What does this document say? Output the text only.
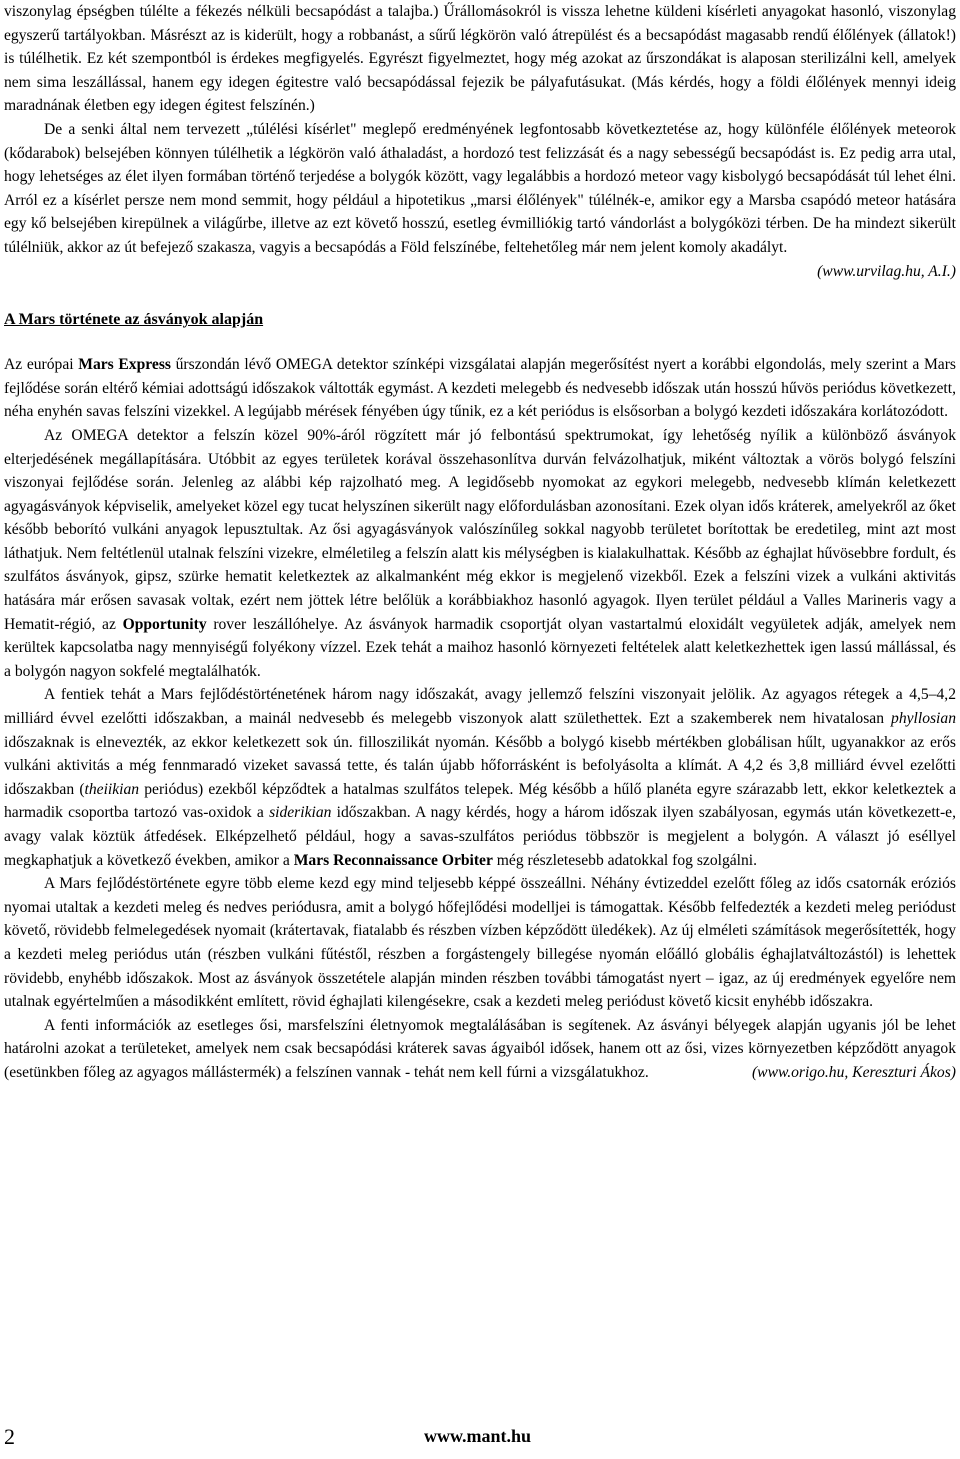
viszonylag épségben túlélte a fékezés nélküli becsapódást a talajba.) Űrállomásokról is vissza lehetne küldeni kísérleti anyagokat hasonló, viszonylag egyszerű tartályokban. Másrészt az is kiderült, hogy a robbanást, a sűrű légkörön való átrepülést és a becsapódást magasabb rendű élőlények (állatok!) is túlélhetik. Ez két szempontból is érdekes megfigyelés. Egyrészt figyelmeztet, hogy még azokat az űrszondákat is alaposan sterilizálni kell, amelyek nem sima leszállással, hanem egy idegen égitestre való becsapódással fejezik be pályafutásukat. (Más kérdés, hogy a földi élőlények mennyi ideig maradnának életben egy idegen égitest felszínén.)

De a senki által nem tervezett „túlélési kísérlet" meglepő eredményének legfontosabb következtetése az, hogy különféle élőlények meteorok (kődarabok) belsejében könnyen túlélhetik a légkörön való áthaladást, a hordozó test felizzását és a nagy sebességű becsapódást is. Ez pedig arra utal, hogy lehetséges az élet ilyen formában történő terjedése a bolygók között, vagy legalábbis a hordozó meteor vagy kisbolygó becsapódását túl lehet élni. Arról ez a kísérlet persze nem mond semmit, hogy például a hipotetikus „marsi élőlények" túlélnék-e, amikor egy a Marsba csapódó meteor hatására egy kő belsejében kirepülnek a világűrbe, illetve az ezt követő hosszú, esetleg évmilliókig tartó vándorlást a bolygóközi térben. De ha mindezt sikerült túlélniük, akkor az út befejező szakasza, vagyis a becsapódás a Föld felszínébe, feltehetőleg már nem jelent komoly akadályt.
(www.urvilag.hu, A.I.)

A Mars története az ásványok alapján

Az európai Mars Express űrszondán lévő OMEGA detektor színképi vizsgálatai alapján megerősítést nyert a korábbi elgondolás, mely szerint a Mars fejlődése során eltérő kémiai adottságú időszakok váltották egymást. A kezdeti melegebb és nedvesebb időszak után hosszú hűvös periódus következett, néha enyhén savas felszíni vizekkel. A legújabb mérések fényében úgy tűnik, ez a két periódus is elsősorban a bolygó kezdeti időszakára korlátozódott.

Az OMEGA detektor a felszín közel 90%-áról rögzített már jó felbontású spektrumokat, így lehetőség nyílik a különböző ásványok elterjedésének megállapítására. Utóbbit az egyes területek korával összehasonlítva durván felvázolhatjuk, miként változtak a vörös bolygó felszíni viszonyai fejlődése során. Jelenleg az alábbi kép rajzolható meg. A legidősebb nyomokat az egykori melegebb, nedvesebb klímán keletkezett agyagásványok képviselik, amelyeket közel egy tucat helyszínen sikerült nagy előfordulásban azonosítani. Ezek olyan idős kráterek, amelyekről az őket később beborító vulkáni anyagok lepusztultak. Az ősi agyagásványok valószínűleg sokkal nagyobb területet borítottak be eredetileg, mint azt most láthatjuk. Nem feltétlenül utalnak felszíni vizekre, elméletileg a felszín alatt kis mélységben is kialakulhattak. Később az éghajlat hűvösebbre fordult, és szulfátos ásványok, gipsz, szürke hematit keletkeztek az alkalmanként még ekkor is megjelenő vizekből. Ezek a felszíni vizek a vulkáni aktivitás hatására már erősen savasak voltak, ezért nem jöttek létre belőlük a korábbiakhoz hasonló agyagok. Ilyen terület például a Valles Marineris vagy a Hematit-régió, az Opportunity rover leszállóhelye. Az ásványok harmadik csoportját olyan vastartalmú eloxidált vegyületek adják, amelyek nem kerültek kapcsolatba nagy mennyiségű folyékony vízzel. Ezek tehát a maihoz hasonló környezeti feltételek alatt keletkezhettek igen lassú mállással, és a bolygón nagyon sokfelé megtalálhatók.

A fentiek tehát a Mars fejlődéstörténetének három nagy időszakát, avagy jellemző felszíni viszonyait jelölik. Az agyagos rétegek a 4,5–4,2 milliárd évvel ezelőtti időszakban, a mainál nedvesebb és melegebb viszonyok alatt születhettek. Ezt a szakemberek nem hivatalosan phyllosian időszaknak is elnevezték, az ekkor keletkezett sok ún. filloszilikát nyomán. Később a bolygó kisebb mértékben globálisan hűlt, ugyanakkor az erős vulkáni aktivitás a még fennmaradó vizeket savassá tette, és talán újabb hőforrásként is befolyásolta a klímát. A 4,2 és 3,8 milliárd évvel ezelőtti időszakban (theiikian periódus) ezekből képződtek a hatalmas szulfátos telepek. Még később a hűlő planéta egyre szárazabb lett, ekkor keletkeztek a harmadik csoportba tartozó vas-oxidok a siderikian időszakban. A nagy kérdés, hogy a három időszak ilyen szabályosan, egymás után következett-e, avagy valak köztük átfedések. Elképzelhető például, hogy a savas-szulfátos periódus többször is megjelent a bolygón. A választ jó eséllyel megkaphatjuk a következő években, amikor a Mars Reconnaissance Orbiter még részletesebb adatokkal fog szolgálni.

A Mars fejlődéstörténete egyre több eleme kezd egy mind teljesebb képpé összeállni. Néhány évtizeddel ezelőtt főleg az idős csatornák eróziós nyomai utaltak a kezdeti meleg és nedves periódusra, amit a bolygó hőfejlődési modelljei is támogattak. Később felfedezték a kezdeti meleg periódust követő, rövidebb felmelegedések nyomait (krátertavak, fiatalabb és részben vízben képződött üledékek). Az új elméleti számítások megerősítették, hogy a kezdeti meleg periódus után (részben vulkáni fűtéstől, részben a forgástengely billegése nyomán előálló globális éghajlatváltozástól) is lehettek rövidebb, enyhébb időszakok. Most az ásványok összetétele alapján minden részben további támogatást nyert – igaz, az új eredmények egyelőre nem utalnak egyértelműen a másodikként említett, rövid éghajlati kilengésekre, csak a kezdeti meleg periódust követő kicsit enyhébb időszakra.

A fenti információk az esetleges ősi, marsfelszíni életnyomok megtalálásában is segítenek. Az ásványi bélyegek alapján ugyanis jól be lehet határolni azokat a területeket, amelyek nem csak becsapódási kráterek savas ágyaiból idősek, hanem ott az ősi, vizes környezetben képződött anyagok (esetünkben főleg az agyagos mállástermék) a felszínen vannak - tehát nem kell fúrni a vizsgálatukhoz.	(www.origo.hu, Kereszturi Ákos)

2	www.mant.hu
